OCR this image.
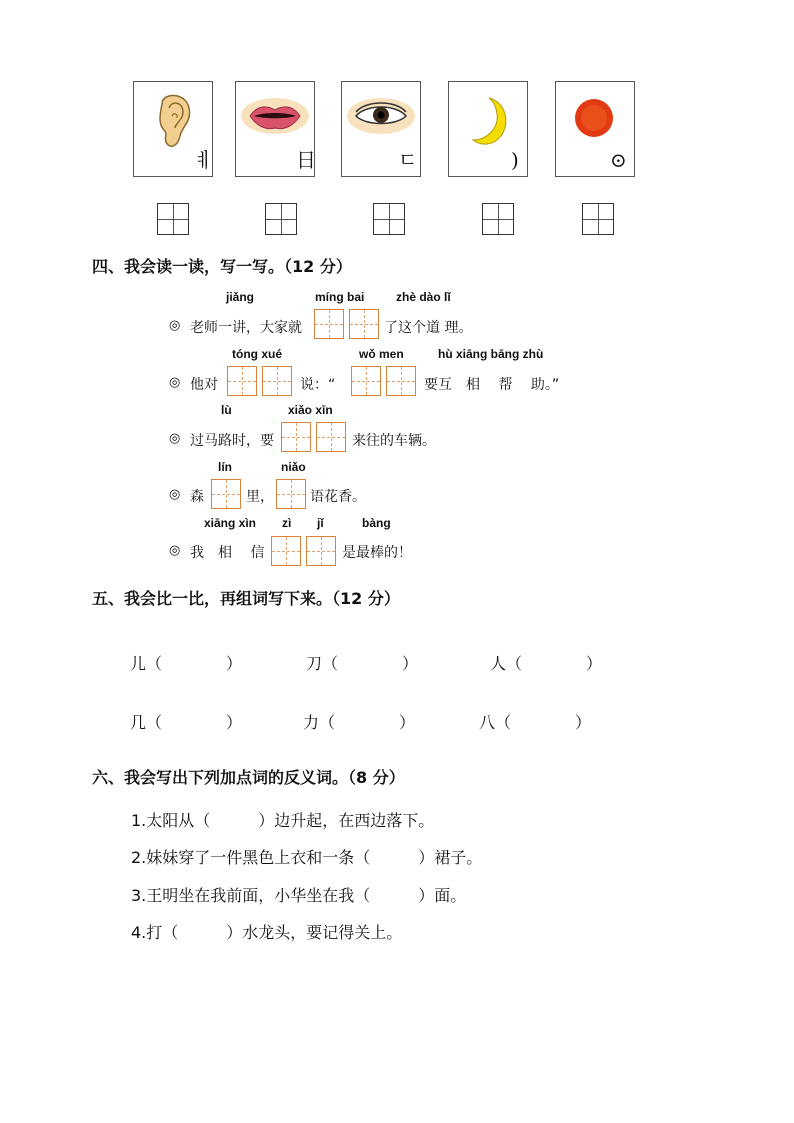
ㅖ	日	ㄷ	)	⊙
四、我会读一读，写一写。（12 分）
jiǎng	míng bai	zhè dào lǐ
◎ 老师一讲，大家就	了这个道 理。
tóng xué	wǒ men	hù xiāng bāng zhù
◎ 他对	说：“	要互　相　 帮　 助。”
lù	xiǎo xīn
◎ 过马路时，要	来往的车辆。
lín	niǎo
◎ 森	里，	语花香。
xiāng xìn zì jǐ	bàng
◎ 我　相　 信	是最棒的！
五、我会比一比，再组词写下来。（12 分）
儿（　　　　）	刀（　　　　）	人（　　　　）
几（　　　　）	力（　　　　）	八（　　　　）
六、我会写出下列加点词的反义词。（8 分）
1.太阳从（　　　）边升起，在西边落下。
2.妹妹穿了一件黑色上衣和一条（　　　）裙子。
3.王明坐在我前面，小华坐在我（　　　）面。
4.打（　　　）水龙头，要记得关上。
